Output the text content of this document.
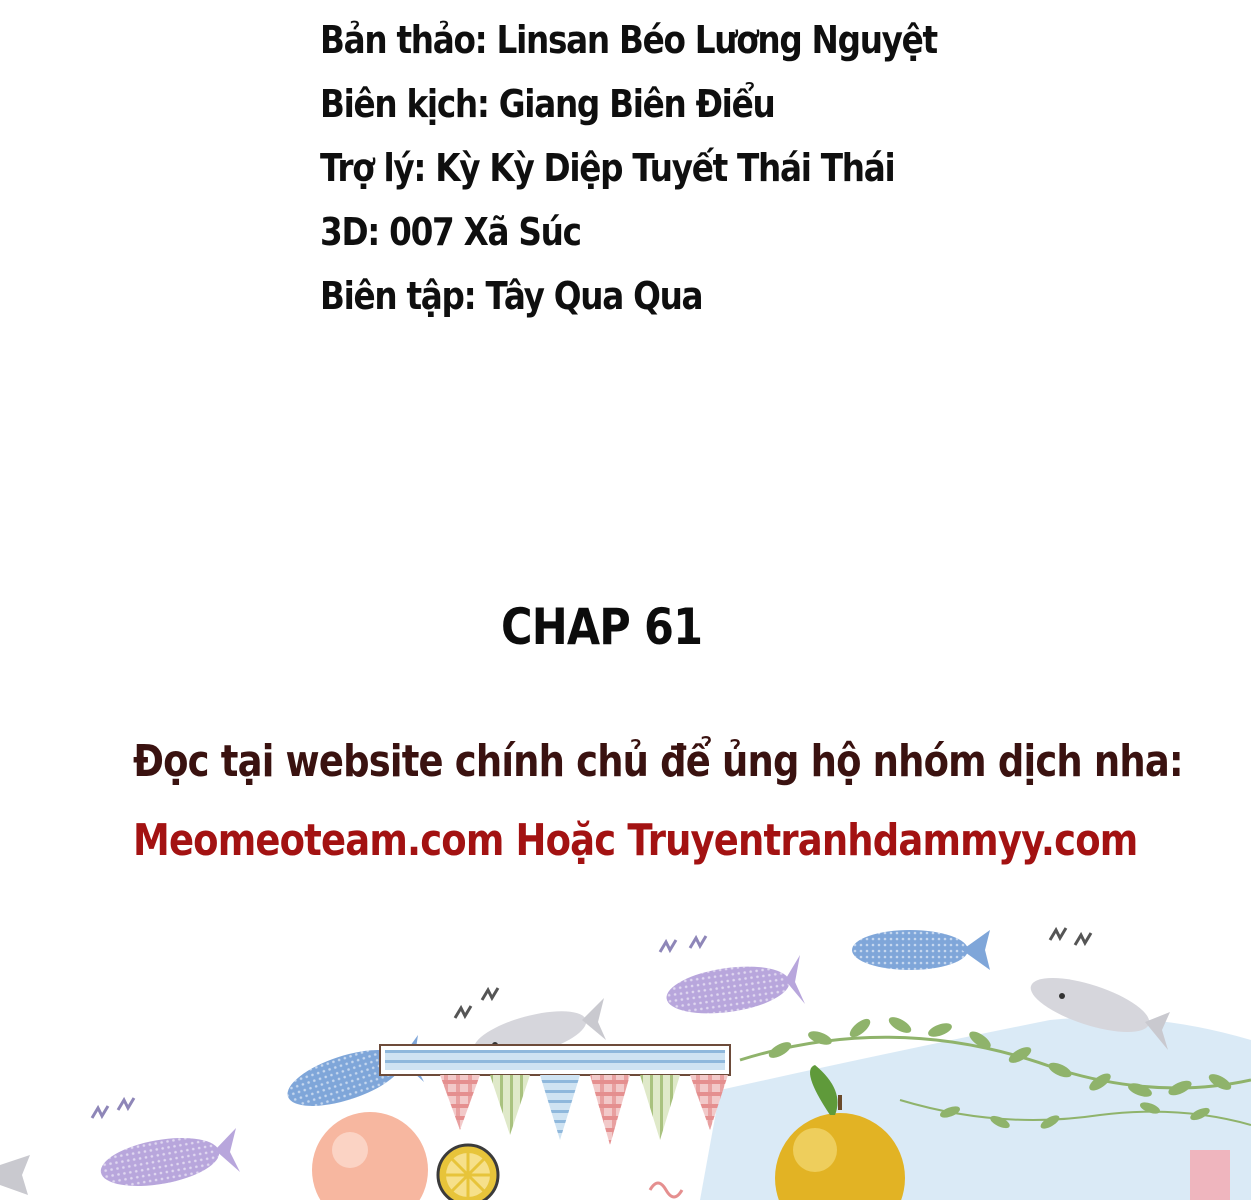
Bản thảo: Linsan Béo Lương Nguyệt
Biên kịch: Giang Biên Điểu
Trợ lý: Kỳ Kỳ Diệp Tuyết Thái Thái
3D: 007 Xã Súc
Biên tập: Tây Qua Qua
CHAP 61
Đọc tại website chính chủ để ủng hộ nhóm dịch nha:
Meomeoteam.com Hoặc Truyentranhdammyy.com
